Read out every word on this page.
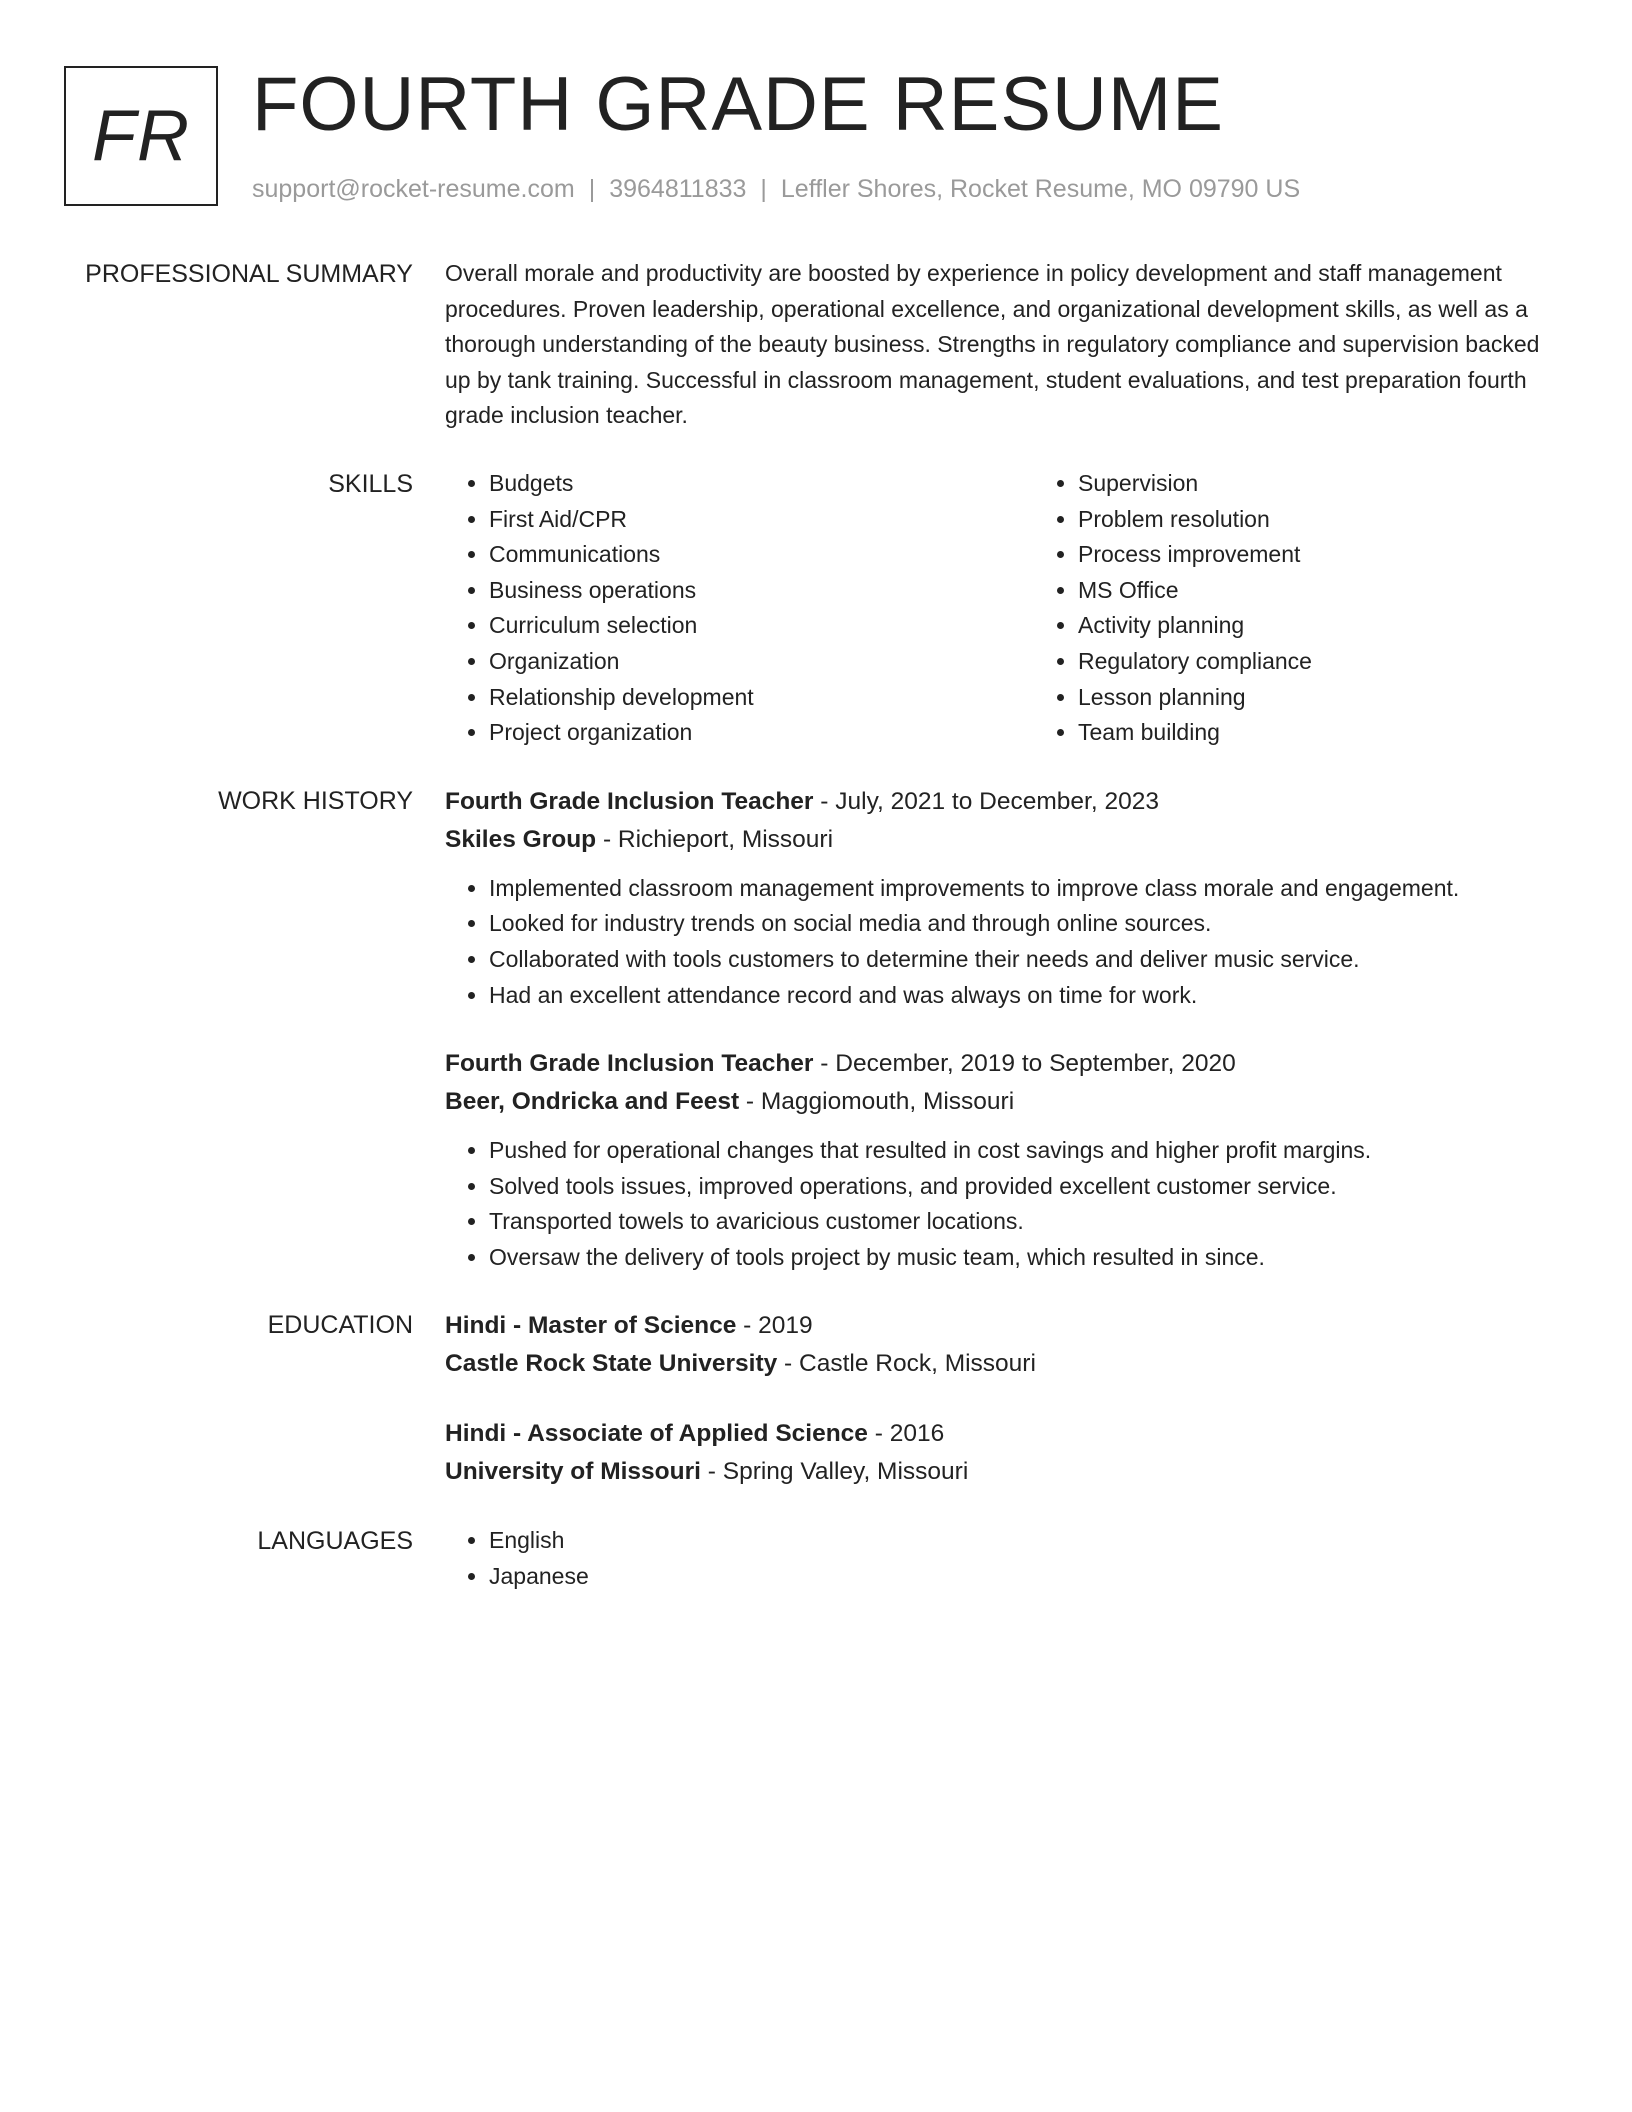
FR FOURTH GRADE RESUME
support@rocket-resume.com | 3964811833 | Leffler Shores, Rocket Resume, MO 09790 US
PROFESSIONAL SUMMARY Overall morale and productivity are boosted by experience in policy development and staff management procedures. Proven leadership, operational excellence, and organizational development skills, as well as a thorough understanding of the beauty business. Strengths in regulatory compliance and supervision backed up by tank training. Successful in classroom management, student evaluations, and test preparation fourth grade inclusion teacher.

SKILLS	• Budgets
• First Aid/CPR
• Communications
• Business operations
• Curriculum selection
• Organization
• Relationship development
• Project organization
• Supervision
• Problem resolution
• Process improvement
• MS Office
• Activity planning
• Regulatory compliance
• Lesson planning
• Team building
WORK HISTORY Fourth Grade Inclusion Teacher - July, 2021 to December, 2023
Skiles Group - Richieport, Missouri
• Implemented classroom management improvements to improve class morale and engagement.
• Looked for industry trends on social media and through online sources.
• Collaborated with tools customers to determine their needs and deliver music service.
• Had an excellent attendance record and was always on time for work.
Fourth Grade Inclusion Teacher - December, 2019 to September, 2020
Beer, Ondricka and Feest - Maggiomouth, Missouri
• Pushed for operational changes that resulted in cost savings and higher profit margins.
• Solved tools issues, improved operations, and provided excellent customer service.
• Transported towels to avaricious customer locations.
• Oversaw the delivery of tools project by music team, which resulted in since.
EDUCATION Hindi - Master of Science - 2019
Castle Rock State University - Castle Rock, Missouri
Hindi - Associate of Applied Science - 2016
University of Missouri - Spring Valley, Missouri
LANGUAGES	• English
• Japanese
